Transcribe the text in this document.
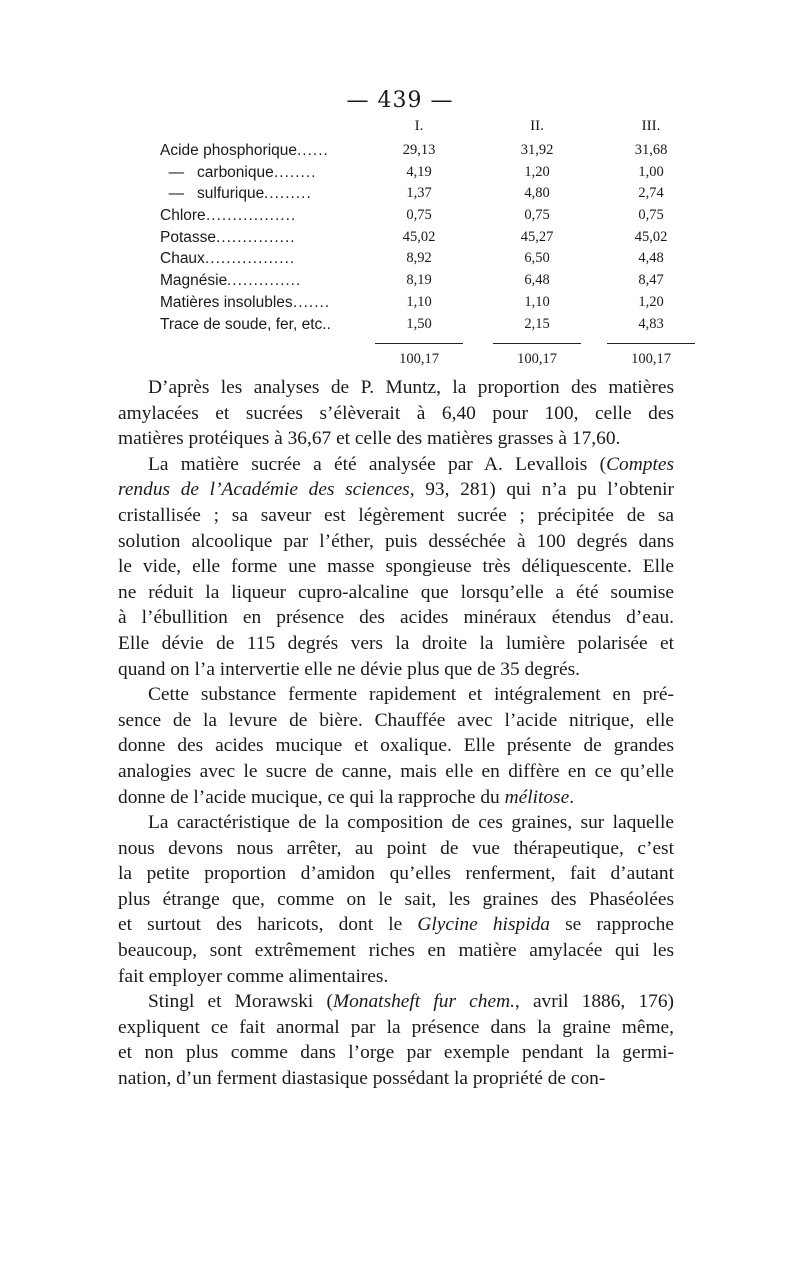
— 439 —
I.	II.	III.
Acide phosphorique ......	29,13	31,92	31,68
—   carbonique ........	4,19	1,20	1,00
—   sulfurique .........	1,37	4,80	2,74
Chlore .................	0,75	0,75	0,75
Potasse ...............	45,02	45,27	45,02
Chaux .................	8,92	6,50	4,48
Magnésie ..............	8,19	6,48	8,47
Matières insolubles .......	1,10	1,10	1,20
Trace de soude, fer, etc..	1,50	2,15	4,83
100,17	100,17	100,17

D’après les analyses de P. Muntz, la proportion des matières
amylacées et sucrées s’élèverait à 6,40 pour 100, celle des
matières protéiques à 36,67 et celle des matières grasses à 17,60.

La matière sucrée a été analysée par A. Levallois (Comptes
rendus de l’Académie des sciences, 93, 281) qui n’a pu l’obtenir
cristallisée ; sa saveur est légèrement sucrée ; précipitée de sa
solution alcoolique par l’éther, puis desséchée à 100 degrés dans
le vide, elle forme une masse spongieuse très déliquescente. Elle
ne réduit la liqueur cupro-alcaline que lorsqu’elle a été soumise
à l’ébullition en présence des acides minéraux étendus d’eau.
Elle dévie de 115 degrés vers la droite la lumière polarisée et
quand on l’a intervertie elle ne dévie plus que de 35 degrés.

Cette substance fermente rapidement et intégralement en pré-
sence de la levure de bière. Chauffée avec l’acide nitrique, elle
donne des acides mucique et oxalique. Elle présente de grandes
analogies avec le sucre de canne, mais elle en diffère en ce qu’elle
donne de l’acide mucique, ce qui la rapproche du mélitose.

La caractéristique de la composition de ces graines, sur laquelle
nous devons nous arrêter, au point de vue thérapeutique, c’est
la petite proportion d’amidon qu’elles renferment, fait d’autant
plus étrange que, comme on le sait, les graines des Phaséolées
et surtout des haricots, dont le Glycine hispida se rapproche
beaucoup, sont extrêmement riches en matière amylacée qui les
fait employer comme alimentaires.

Stingl et Morawski (Monatsheft fur chem., avril 1886, 176)
expliquent ce fait anormal par la présence dans la graine même,
et non plus comme dans l’orge par exemple pendant la germi-
nation, d’un ferment diastasique possédant la propriété de con-
